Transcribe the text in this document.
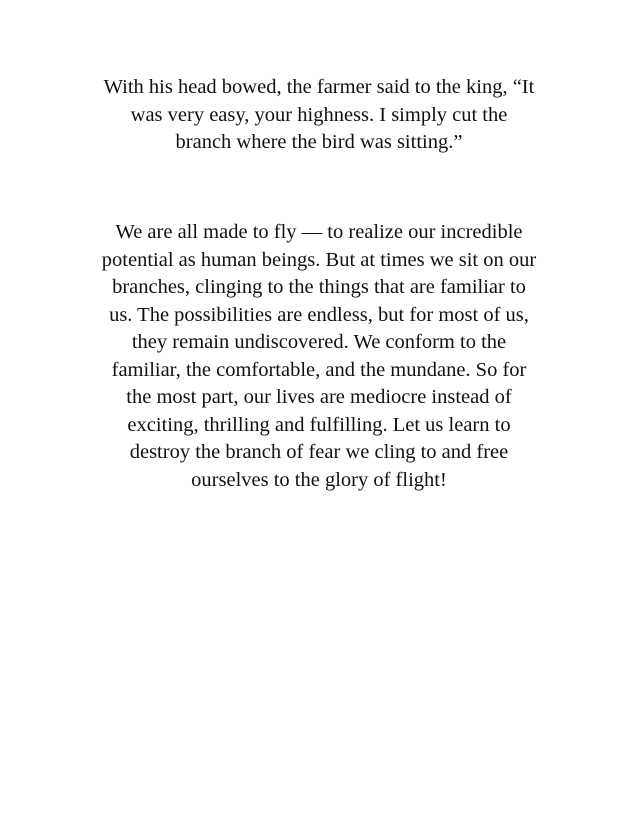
With his head bowed, the farmer said to the king, “It
was very easy, your highness. I simply cut the
branch where the bird was sitting.”
We are all made to fly — to realize our incredible
potential as human beings. But at times we sit on our
branches, clinging to the things that are familiar to
us. The possibilities are endless, but for most of us,
they remain undiscovered. We conform to the
familiar, the comfortable, and the mundane. So for
the most part, our lives are mediocre instead of
exciting, thrilling and fulfilling. Let us learn to
destroy the branch of fear we cling to and free
ourselves to the glory of flight!
